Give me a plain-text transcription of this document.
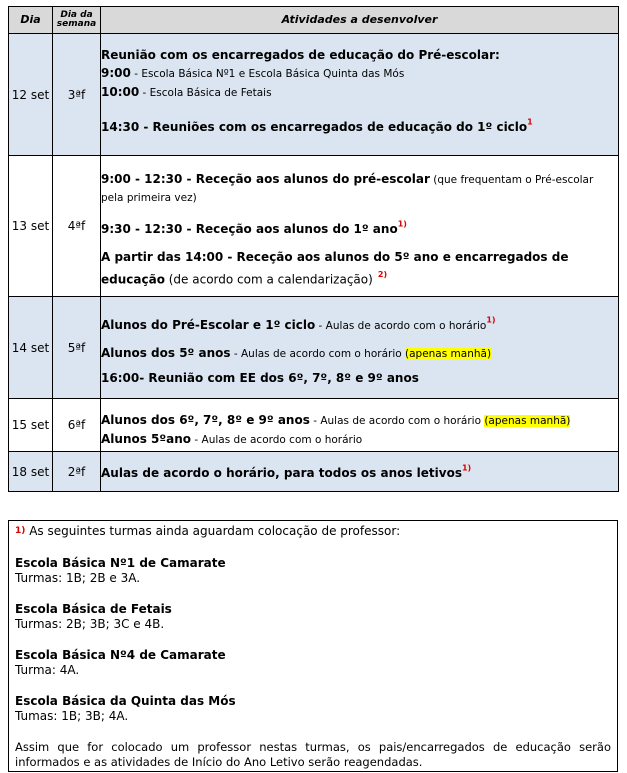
Dia	Dia da semana	Atividades a desenvolver
12 set	3ªf	Reunião com os encarregados de educação do Pré-escolar:
9:00 - Escola Básica Nº1 e Escola Básica Quinta das Mós
10:00 - Escola Básica de Fetais
14:30 - Reuniões com os encarregados de educação do 1º ciclo$^1$

13 set	4ªf	9:00 - 12:30 - Receção aos alunos do pré-escolar (que frequentam o Pré-escolar pela primeira vez)
9:30 - 12:30 - Receção aos alunos do 1º ano$^{1)}$
A partir das 14:00 - Receção aos alunos do 5º ano e encarregados de educação (de acordo com a calendarização) $^{2)}$

14 set	5ªf	Alunos do Pré-Escolar e 1º ciclo - Aulas de acordo com o horário$^{1)}$
Alunos dos 5º anos - Aulas de acordo com o horário (apenas manhã)
16:00- Reunião com EE dos 6º, 7º, 8º e 9º anos

15 set	6ªf	Alunos dos 6º, 7º, 8º e 9º anos - Aulas de acordo com o horário (apenas manhã)
Alunos 5ºano - Aulas de acordo com o horário

18 set	2ªf	Aulas de acordo o horário, para todos os anos letivos$^{1)}$
$^{1)}$ As seguintes turmas ainda aguardam colocação de professor:
Escola Básica Nº1 de Camarate
Turmas: 1B; 2B e 3A.
Escola Básica de Fetais
Turmas: 2B; 3B; 3C e 4B.
Escola Básica Nº4 de Camarate
Turma: 4A.
Escola Básica da Quinta das Mós
Tumas: 1B; 3B; 4A.
Assim que for colocado um professor nestas turmas, os pais/encarregados de educação serão informados e as atividades de Início do Ano Letivo serão reagendadas.
